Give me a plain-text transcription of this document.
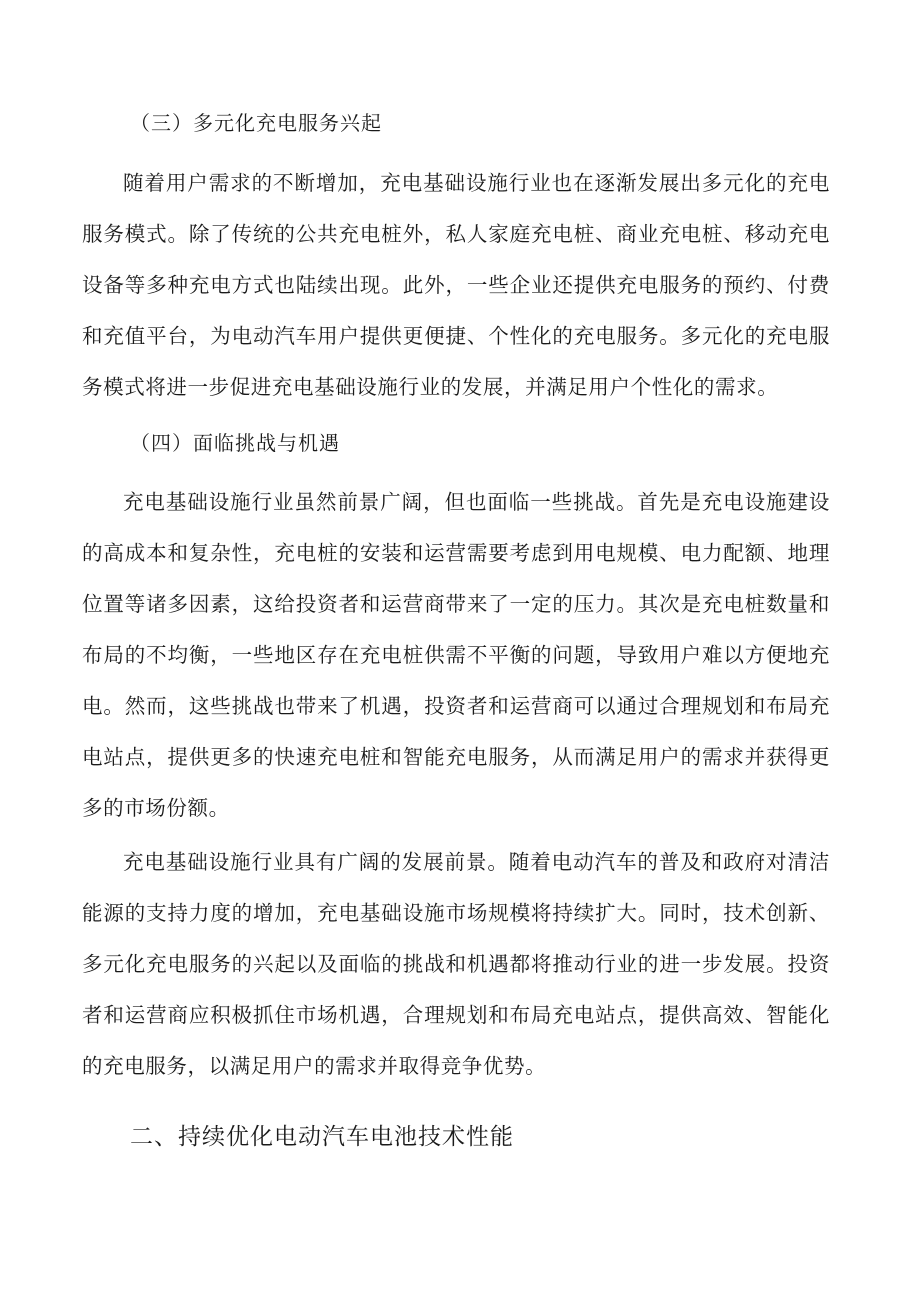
（三）多元化充电服务兴起

随着用户需求的不断增加，充电基础设施行业也在逐渐发展出多元化的充电服务模式。除了传统的公共充电桩外，私人家庭充电桩、商业充电桩、移动充电设备等多种充电方式也陆续出现。此外，一些企业还提供充电服务的预约、付费和充值平台，为电动汽车用户提供更便捷、个性化的充电服务。多元化的充电服务模式将进一步促进充电基础设施行业的发展，并满足用户个性化的需求。

（四）面临挑战与机遇

充电基础设施行业虽然前景广阔，但也面临一些挑战。首先是充电设施建设的高成本和复杂性，充电桩的安装和运营需要考虑到用电规模、电力配额、地理位置等诸多因素，这给投资者和运营商带来了一定的压力。其次是充电桩数量和布局的不均衡，一些地区存在充电桩供需不平衡的问题，导致用户难以方便地充电。然而，这些挑战也带来了机遇，投资者和运营商可以通过合理规划和布局充电站点，提供更多的快速充电桩和智能充电服务，从而满足用户的需求并获得更多的市场份额。

充电基础设施行业具有广阔的发展前景。随着电动汽车的普及和政府对清洁能源的支持力度的增加，充电基础设施市场规模将持续扩大。同时，技术创新、多元化充电服务的兴起以及面临的挑战和机遇都将推动行业的进一步发展。投资者和运营商应积极抓住市场机遇，合理规划和布局充电站点，提供高效、智能化的充电服务，以满足用户的需求并取得竞争优势。

二、持续优化电动汽车电池技术性能
